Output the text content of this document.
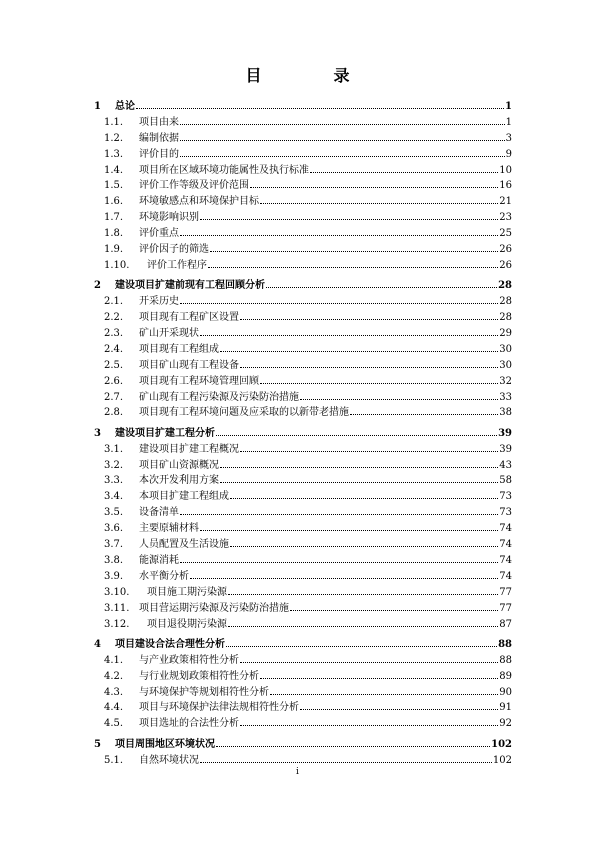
目　录
1	总论	1
1.1.	项目由来	1
1.2.	编制依据	3
1.3.	评价目的	9
1.4.	项目所在区域环境功能属性及执行标准	10
1.5.	评价工作等级及评价范围	16
1.6.	环境敏感点和环境保护目标	21
1.7.	环境影响识别	23
1.8.	评价重点	25
1.9.	评价因子的筛选	26
1.10.	评价工作程序	26
2	建设项目扩建前现有工程回顾分析	28
2.1.	开采历史	28
2.2.	项目现有工程矿区设置	28
2.3.	矿山开采现状	29
2.4.	项目现有工程组成	30
2.5.	项目矿山现有工程设备	30
2.6.	项目现有工程环境管理回顾	32
2.7.	矿山现有工程污染源及污染防治措施	33
2.8.	项目现有工程环境问题及应采取的以新带老措施	38
3	建设项目扩建工程分析	39
3.1.	建设项目扩建工程概况	39
3.2.	项目矿山资源概况	43
3.3.	本次开发利用方案	58
3.4.	本项目扩建工程组成	73
3.5.	设备清单	73
3.6.	主要原辅材料	74
3.7.	人员配置及生活设施	74
3.8.	能源消耗	74
3.9.	水平衡分析	74
3.10.	项目施工期污染源	77
3.11. 项目营运期污染源及污染防治措施	77
3.12.	项目退役期污染源	87
4	项目建设合法合理性分析	88
4.1.	与产业政策相符性分析	88
4.2.	与行业规划政策相符性分析	89
4.3.	与环境保护等规划相符性分析	90
4.4.	项目与环境保护法律法规相符性分析	91
4.5.	项目选址的合法性分析	92
5	项目周围地区环境状况	102
5.1.	自然环境状况	102
i
